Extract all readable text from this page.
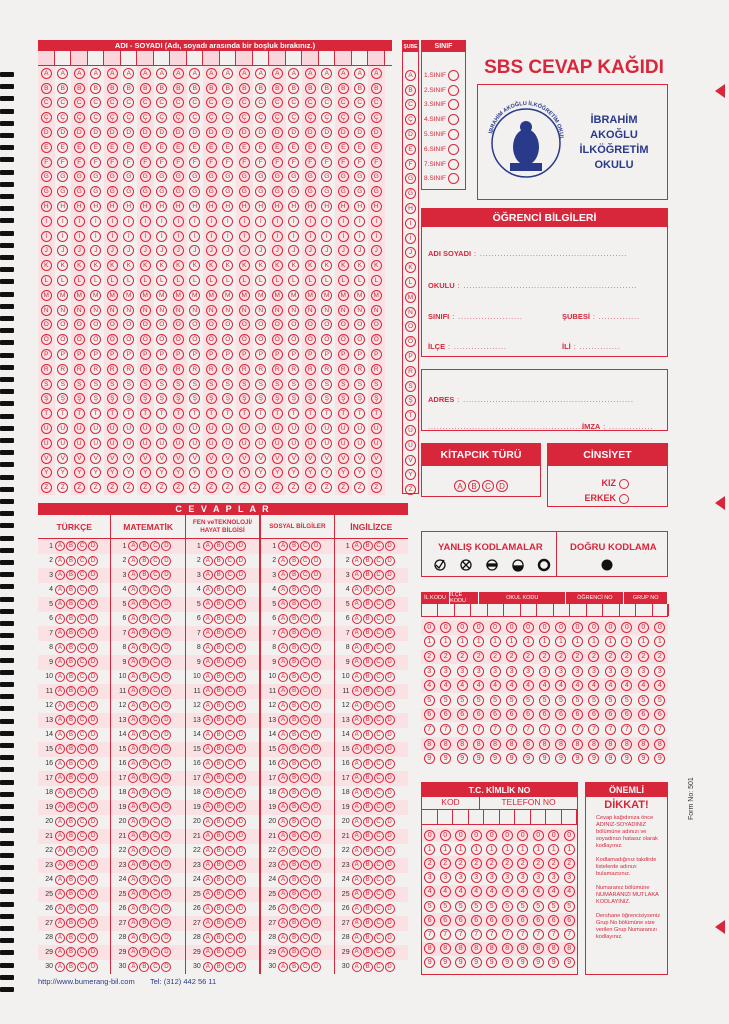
ADI - SOYADI (Adı, soyadı arasında bir boşluk bırakınız.)
A	A	A	A	A	A	A	A	A	A	A	A	A	A	A	A	A	A	A	A	A
B	B	B	B	B	B	B	B	B	B	B	B	B	B	B	B	B	B	B	B	B
C	C	C	C	C	C	C	C	C	C	C	C	C	C	C	C	C	C	C	C	C
Ç	Ç	Ç	Ç	Ç	Ç	Ç	Ç	Ç	Ç	Ç	Ç	Ç	Ç	Ç	Ç	Ç	Ç	Ç	Ç	Ç
D	D	D	D	D	D	D	D	D	D	D	D	D	D	D	D	D	D	D	D	D
E	E	E	E	E	E	E	E	E	E	E	E	E	E	E	E	E	E	E	E	E
F	F	F	F	F	F	F	F	F	F	F	F	F	F	F	F	F	F	F	F	F
G	G	G	G	G	G	G	G	G	G	G	G	G	G	G	G	G	G	G	G	G
Ğ	Ğ	Ğ	Ğ	Ğ	Ğ	Ğ	Ğ	Ğ	Ğ	Ğ	Ğ	Ğ	Ğ	Ğ	Ğ	Ğ	Ğ	Ğ	Ğ	Ğ
H	H	H	H	H	H	H	H	H	H	H	H	H	H	H	H	H	H	H	H	H
I	I	I	I	I	I	I	I	I	I	I	I	I	I	I	I	I	I	I	I	I
İ	İ	İ	İ	İ	İ	İ	İ	İ	İ	İ	İ	İ	İ	İ	İ	İ	İ	İ	İ	İ
J	J	J	J	J	J	J	J	J	J	J	J	J	J	J	J	J	J	J	J	J
K	K	K	K	K	K	K	K	K	K	K	K	K	K	K	K	K	K	K	K	K
L	L	L	L	L	L	L	L	L	L	L	L	L	L	L	L	L	L	L	L	L
M	M	M	M	M	M	M	M	M	M	M	M	M	M	M	M	M	M	M	M	M
N	N	N	N	N	N	N	N	N	N	N	N	N	N	N	N	N	N	N	N	N
O	O	O	O	O	O	O	O	O	O	O	O	O	O	O	O	O	O	O	O	O
Ö	Ö	Ö	Ö	Ö	Ö	Ö	Ö	Ö	Ö	Ö	Ö	Ö	Ö	Ö	Ö	Ö	Ö	Ö	Ö	Ö
P	P	P	P	P	P	P	P	P	P	P	P	P	P	P	P	P	P	P	P	P
R	R	R	R	R	R	R	R	R	R	R	R	R	R	R	R	R	R	R	R	R
S	S	S	S	S	S	S	S	S	S	S	S	S	S	S	S	S	S	S	S	S
Ş	Ş	Ş	Ş	Ş	Ş	Ş	Ş	Ş	Ş	Ş	Ş	Ş	Ş	Ş	Ş	Ş	Ş	Ş	Ş	Ş
T	T	T	T	T	T	T	T	T	T	T	T	T	T	T	T	T	T	T	T	T
U	U	U	U	U	U	U	U	U	U	U	U	U	U	U	U	U	U	U	U	U
Ü	Ü	Ü	Ü	Ü	Ü	Ü	Ü	Ü	Ü	Ü	Ü	Ü	Ü	Ü	Ü	Ü	Ü	Ü	Ü	Ü
V	V	V	V	V	V	V	V	V	V	V	V	V	V	V	V	V	V	V	V	V
Y	Y	Y	Y	Y	Y	Y	Y	Y	Y	Y	Y	Y	Y	Y	Y	Y	Y	Y	Y	Y
Z	Z	Z	Z	Z	Z	Z	Z	Z	Z	Z	Z	Z	Z	Z	Z	Z	Z	Z	Z	Z
ŞUBE
A
B
C
Ç
D
E
F
G
Ğ
H
I
İ
J
K
L
M
N
O
Ö
P
R
S
Ş
T
U
Ü
V
Y
Z
SINIF
1.SINIF
2.SINIF
3.SINIF
4.SINIF
5.SINIF
6.SINIF
7.SINIF
8.SINIF
SBS CEVAP KAĞIDI
İBRAHİM AKOĞLU İLKÖĞRETİM OKUL
İBRAHİM
AKOĞLU
İLKÖĞRETİM OKULU
ÖĞRENCİ BİLGİLERİ
ADI SOYADI : ..................................................
OKULU : ...........................................................
SINIFI : ......................	ŞUBESİ : ..............
İLÇE : ..................	İLİ : ..............
ADRES : ..........................................................
......................................................
İMZA : ...............
KİTAPCIK TÜRÜ
A B C D
CİNSİYET
KIZ
ERKEK
YANLIŞ KODLAMALAR	DOĞRU KODLAMA
C E V A P L A R
TÜRKÇE
1 A	B	C	D
2 A	B	C	D
3 A	B	C	D
4 A	B	C	D
5 A	B	C	D
6 A	B	C	D
7 A	B	C	D
8 A	B	C	D
9 A	B	C	D
10 A	B	C	D
11 A	B	C	D
12 A	B	C	D
13 A	B	C	D
14 A	B	C	D
15 A	B	C	D
16 A	B	C	D
17 A	B	C	D
18 A	B	C	D
19 A	B	C	D
20 A	B	C	D
21 A	B	C	D
22 A	B	C	D
23 A	B	C	D
24 A	B	C	D
25 A	B	C	D
26 A	B	C	D
27 A	B	C	D
28 A	B	C	D
29 A	B	C	D
30 A	B	C	D
MATEMATİK
1 A	B	C	D
2 A	B	C	D
3 A	B	C	D
4 A	B	C	D
5 A	B	C	D
6 A	B	C	D
7 A	B	C	D
8 A	B	C	D
9 A	B	C	D
10 A	B	C	D
11 A	B	C	D
12 A	B	C	D
13 A	B	C	D
14 A	B	C	D
15 A	B	C	D
16 A	B	C	D
17 A	B	C	D
18 A	B	C	D
19 A	B	C	D
20 A	B	C	D
21 A	B	C	D
22 A	B	C	D
23 A	B	C	D
24 A	B	C	D
25 A	B	C	D
26 A	B	C	D
27 A	B	C	D
28 A	B	C	D
29 A	B	C	D
30 A	B	C	D
FEN veTEKNOLOJİ/ HAYAT BİLGİSİ
1 A	B	C	D
2 A	B	C	D
3 A	B	C	D
4 A	B	C	D
5 A	B	C	D
6 A	B	C	D
7 A	B	C	D
8 A	B	C	D
9 A	B	C	D
10 A	B	C	D
11 A	B	C	D
12 A	B	C	D
13 A	B	C	D
14 A	B	C	D
15 A	B	C	D
16 A	B	C	D
17 A	B	C	D
18 A	B	C	D
19 A	B	C	D
20 A	B	C	D
21 A	B	C	D
22 A	B	C	D
23 A	B	C	D
24 A	B	C	D
25 A	B	C	D
26 A	B	C	D
27 A	B	C	D
28 A	B	C	D
29 A	B	C	D
30 A	B	C	D
SOSYAL BİLGİLER
1 A	B	C	D
2 A	B	C	D
3 A	B	C	D
4 A	B	C	D
5 A	B	C	D
6 A	B	C	D
7 A	B	C	D
8 A	B	C	D
9 A	B	C	D
10 A	B	C	D
11 A	B	C	D
12 A	B	C	D
13 A	B	C	D
14 A	B	C	D
15 A	B	C	D
16 A	B	C	D
17 A	B	C	D
18 A	B	C	D
19 A	B	C	D
20 A	B	C	D
21 A	B	C	D
22 A	B	C	D
23 A	B	C	D
24 A	B	C	D
25 A	B	C	D
26 A	B	C	D
27 A	B	C	D
28 A	B	C	D
29 A	B	C	D
30 A	B	C	D
İNGİLİZCE
1 A	B	C	D
2 A	B	C	D
3 A	B	C	D
4 A	B	C	D
5 A	B	C	D
6 A	B	C	D
7 A	B	C	D
8 A	B	C	D
9 A	B	C	D
10 A	B	C	D
11 A	B	C	D
12 A	B	C	D
13 A	B	C	D
14 A	B	C	D
15 A	B	C	D
16 A	B	C	D
17 A	B	C	D
18 A	B	C	D
19 A	B	C	D
20 A	B	C	D
21 A	B	C	D
22 A	B	C	D
23 A	B	C	D
24 A	B	C	D
25 A	B	C	D
26 A	B	C	D
27 A	B	C	D
28 A	B	C	D
29 A	B	C	D
30 A	B	C	D
İL KODU İLÇE KODU	OKUL KODU	ÖĞRENCİ NO	GRUP NO
0	0	0	0	0	0	0	0	0	0	0	0	0	0	0
1	1	1	1	1	1	1	1	1	1	1	1	1	1	1
2	2	2	2	2	2	2	2	2	2	2	2	2	2	2
3	3	3	3	3	3	3	3	3	3	3	3	3	3	3
4	4	4	4	4	4	4	4	4	4	4	4	4	4	4
5	5	5	5	5	5	5	5	5	5	5	5	5	5	5
6	6	6	6	6	6	6	6	6	6	6	6	6	6	6
7	7	7	7	7	7	7	7	7	7	7	7	7	7	7
8	8	8	8	8	8	8	8	8	8	8	8	8	8	8
9	9	9	9	9	9	9	9	9	9	9	9	9	9	9
T.C. KİMLİK NO
KOD	TELEFON NO
0	0	0	0	0	0	0	0	0	0
1	1	1	1	1	1	1	1	1	1
2	2	2	2	2	2	2	2	2	2
3	3	3	3	3	3	3	3	3	3
4	4	4	4	4	4	4	4	4	4
5	5	5	5	5	5	5	5	5	5
6	6	6	6	6	6	6	6	6	6
7	7	7	7	7	7	7	7	7	7
8	8	8	8	8	8	8	8	8	8
9	9	9	9	9	9	9	9	9	9
ÖNEMLİ
DİKKAT!

Cevap kağıdınıza önce ADINIZ-SOYADINIZ bölümüne adınızı ve soyadınızı hatasız olarak kodlayınız.

Kodlamadığınız takdirde listelerde adınızı bulamazsınız.

Numaranız bölümüne NUMARANIZI MUTLAKA KODLAYINIZ.

Dershane öğrencisiyseniz Grup No bölümüne size verilen Grup Numaranızı kodlayınız.

Form No: 501
http://www.bumerang-bil.com Tel: (312) 442 56 11
